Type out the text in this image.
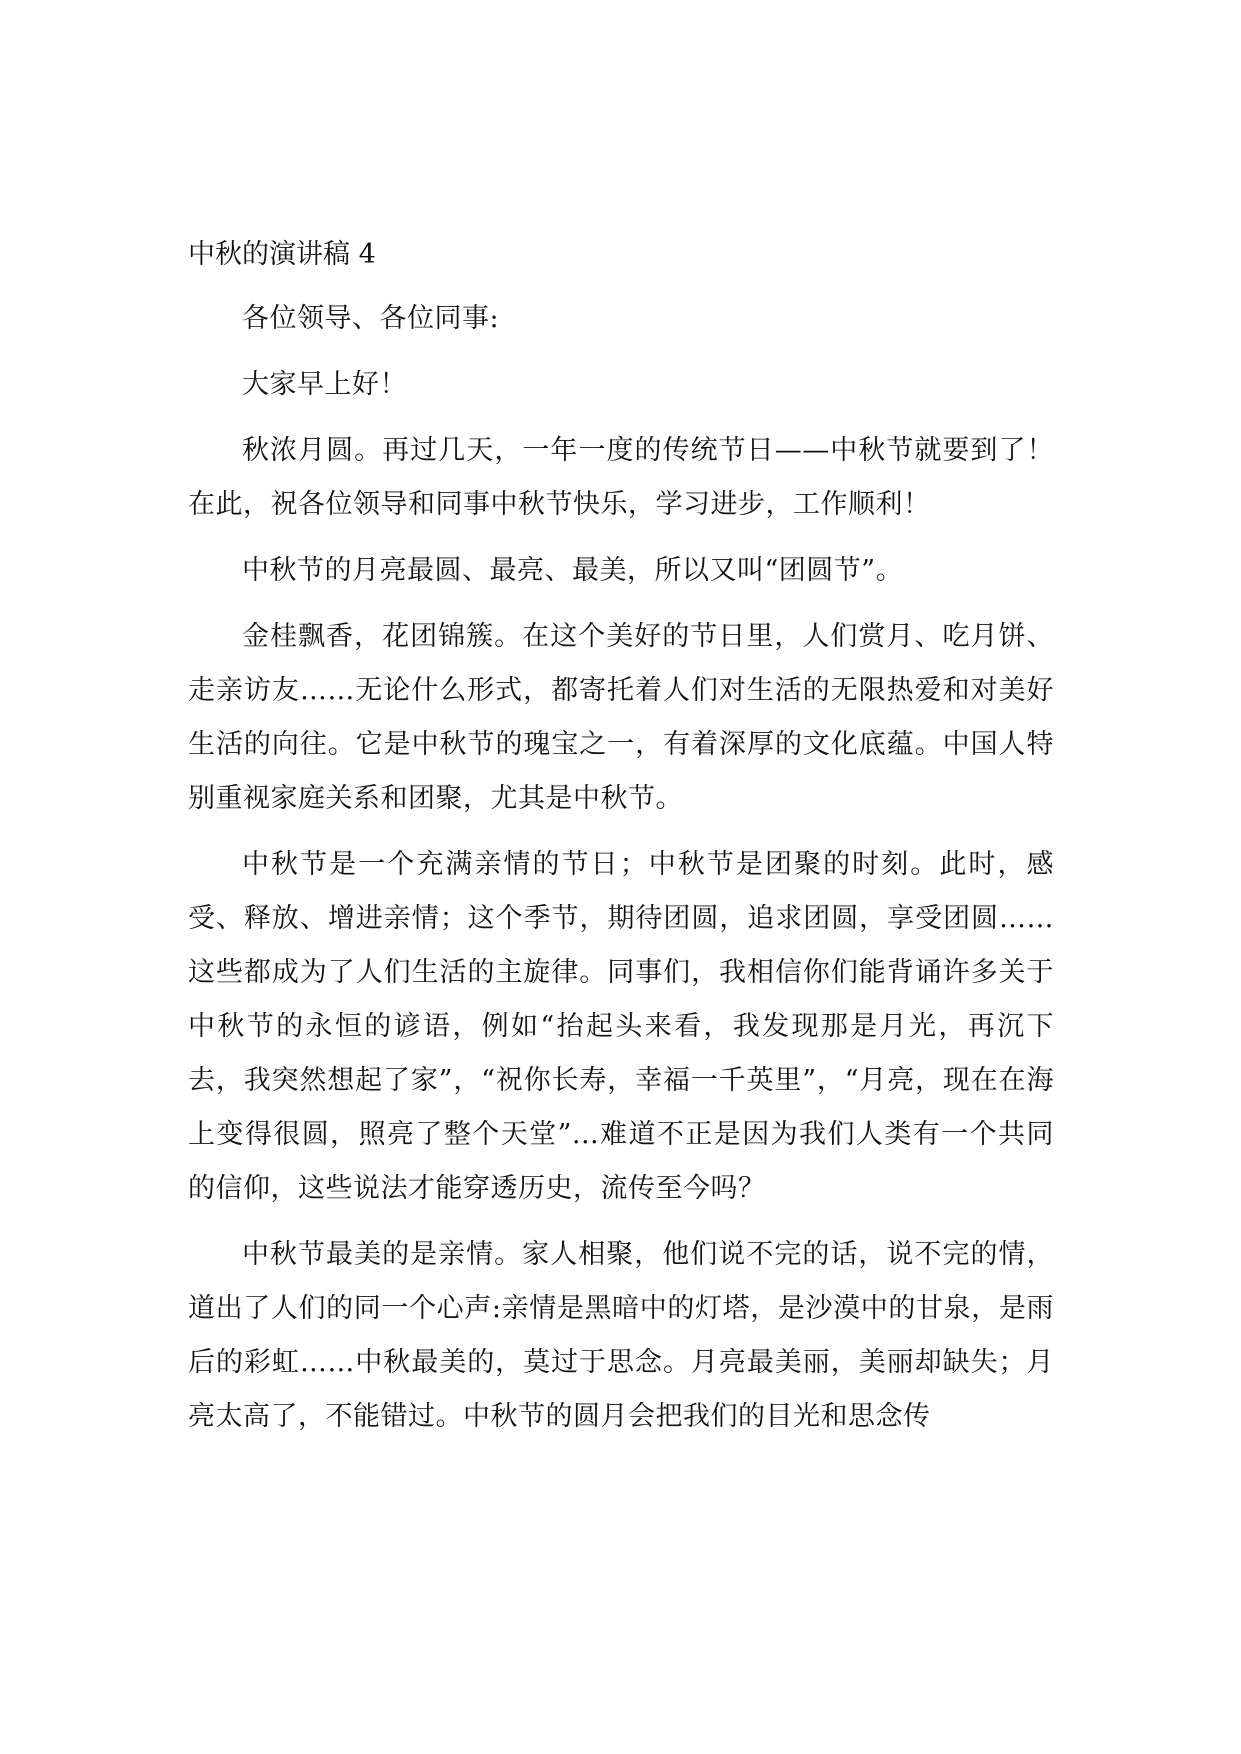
中秋的演讲稿 4

各位领导、各位同事:

大家早上好！

秋浓月圆。再过几天，一年一度的传统节日——中秋节就要到了！在此，祝各位领导和同事中秋节快乐，学习进步，工作顺利！

中秋节的月亮最圆、最亮、最美，所以又叫“团圆节”。

金桂飘香，花团锦簇。在这个美好的节日里，人们赏月、吃月饼、走亲访友……无论什么形式，都寄托着人们对生活的无限热爱和对美好生活的向往。它是中秋节的瑰宝之一，有着深厚的文化底蕴。中国人特别重视家庭关系和团聚，尤其是中秋节。

中秋节是一个充满亲情的节日；中秋节是团聚的时刻。此时，感受、释放、增进亲情；这个季节，期待团圆，追求团圆，享受团圆……这些都成为了人们生活的主旋律。同事们，我相信你们能背诵许多关于中秋节的永恒的谚语，例如“抬起头来看，我发现那是月光，再沉下去，我突然想起了家”，“祝你长寿，幸福一千英里”，“月亮，现在在海上变得很圆，照亮了整个天堂”...难道不正是因为我们人类有一个共同的信仰，这些说法才能穿透历史，流传至今吗？

中秋节最美的是亲情。家人相聚，他们说不完的话，说不完的情，道出了人们的同一个心声:亲情是黑暗中的灯塔，是沙漠中的甘泉，是雨后的彩虹……中秋最美的，莫过于思念。月亮最美丽，美丽却缺失；月亮太高了，不能错过。中秋节的圆月会把我们的目光和思念传
